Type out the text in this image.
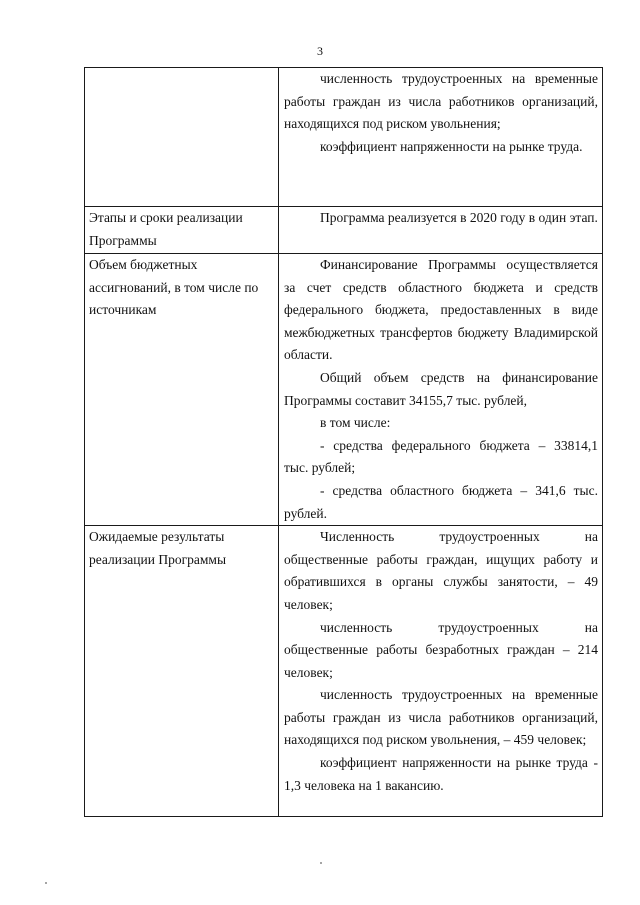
3

	численность трудоустроенных на временные работы граждан из числа работников организаций, находящихся под риском увольнения;

коэффициент напряженности на рынке труда.

Этапы и сроки реализации Программы	Программа реализуется в 2020 году в один этап.

Объем бюджетных ассигнований, в том числе по источникам	Финансирование Программы осуществляется за счет средств областного бюджета и средств федерального бюджета, предоставленных в виде межбюджетных трансфертов бюджету Владимирской области.

Общий объем средств на финансирование Программы составит 34155,7 тыс. рублей,

в том числе:

- средства федерального бюджета – 33814,1 тыс. рублей;

- средства областного бюджета – 341,6 тыс. рублей.

Ожидаемые результаты реализации Программы	Численность трудоустроенных на общественные работы граждан, ищущих работу и обратившихся в органы службы занятости, – 49 человек;

численность трудоустроенных на общественные работы безработных граждан – 214 человек;

численность трудоустроенных на временные работы граждан из числа работников организаций, находящихся под риском увольнения, – 459 человек;

коэффициент напряженности на рынке труда - 1,3 человека на 1 вакансию.
